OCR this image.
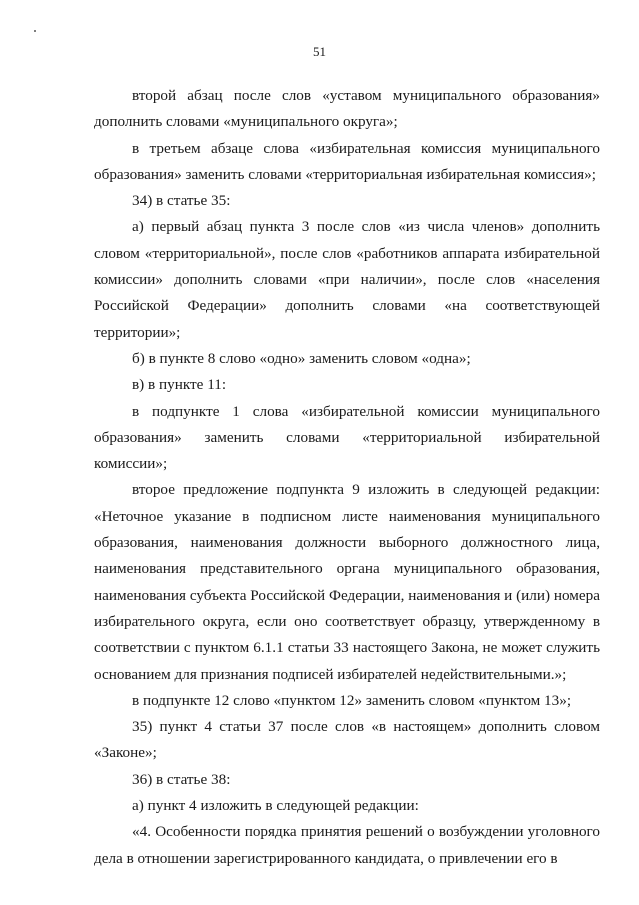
51

второй абзац после слов «уставом муниципального образования» дополнить словами «муниципального округа»;

в третьем абзаце слова «избирательная комиссия муниципального образования» заменить словами «территориальная избирательная комиссия»;

34) в статье 35:

а) первый абзац пункта 3 после слов «из числа членов» дополнить словом «территориальной», после слов «работников аппарата избирательной комиссии» дополнить словами «при наличии», после слов «населения Российской Федерации» дополнить словами «на соответствующей территории»;

б) в пункте 8 слово «одно» заменить словом «одна»;

в) в пункте 11:

в подпункте 1 слова «избирательной комиссии муниципального образования» заменить словами «территориальной избирательной комиссии»;

второе предложение подпункта 9 изложить в следующей редакции: «Неточное указание в подписном листе наименования муниципального образования, наименования должности выборного должностного лица, наименования представительного органа муниципального образования, наименования субъекта Российской Федерации, наименования и (или) номера избирательного округа, если оно соответствует образцу, утвержденному в соответствии с пунктом 6.1.1 статьи 33 настоящего Закона, не может служить основанием для признания подписей избирателей недействительными.»;

в подпункте 12 слово «пунктом 12» заменить словом «пунктом 13»;

35) пункт 4 статьи 37 после слов «в настоящем» дополнить словом «Законе»;

36) в статье 38:

а) пункт 4 изложить в следующей редакции:

«4. Особенности порядка принятия решений о возбуждении уголовного дела в отношении зарегистрированного кандидата, о привлечении его в
